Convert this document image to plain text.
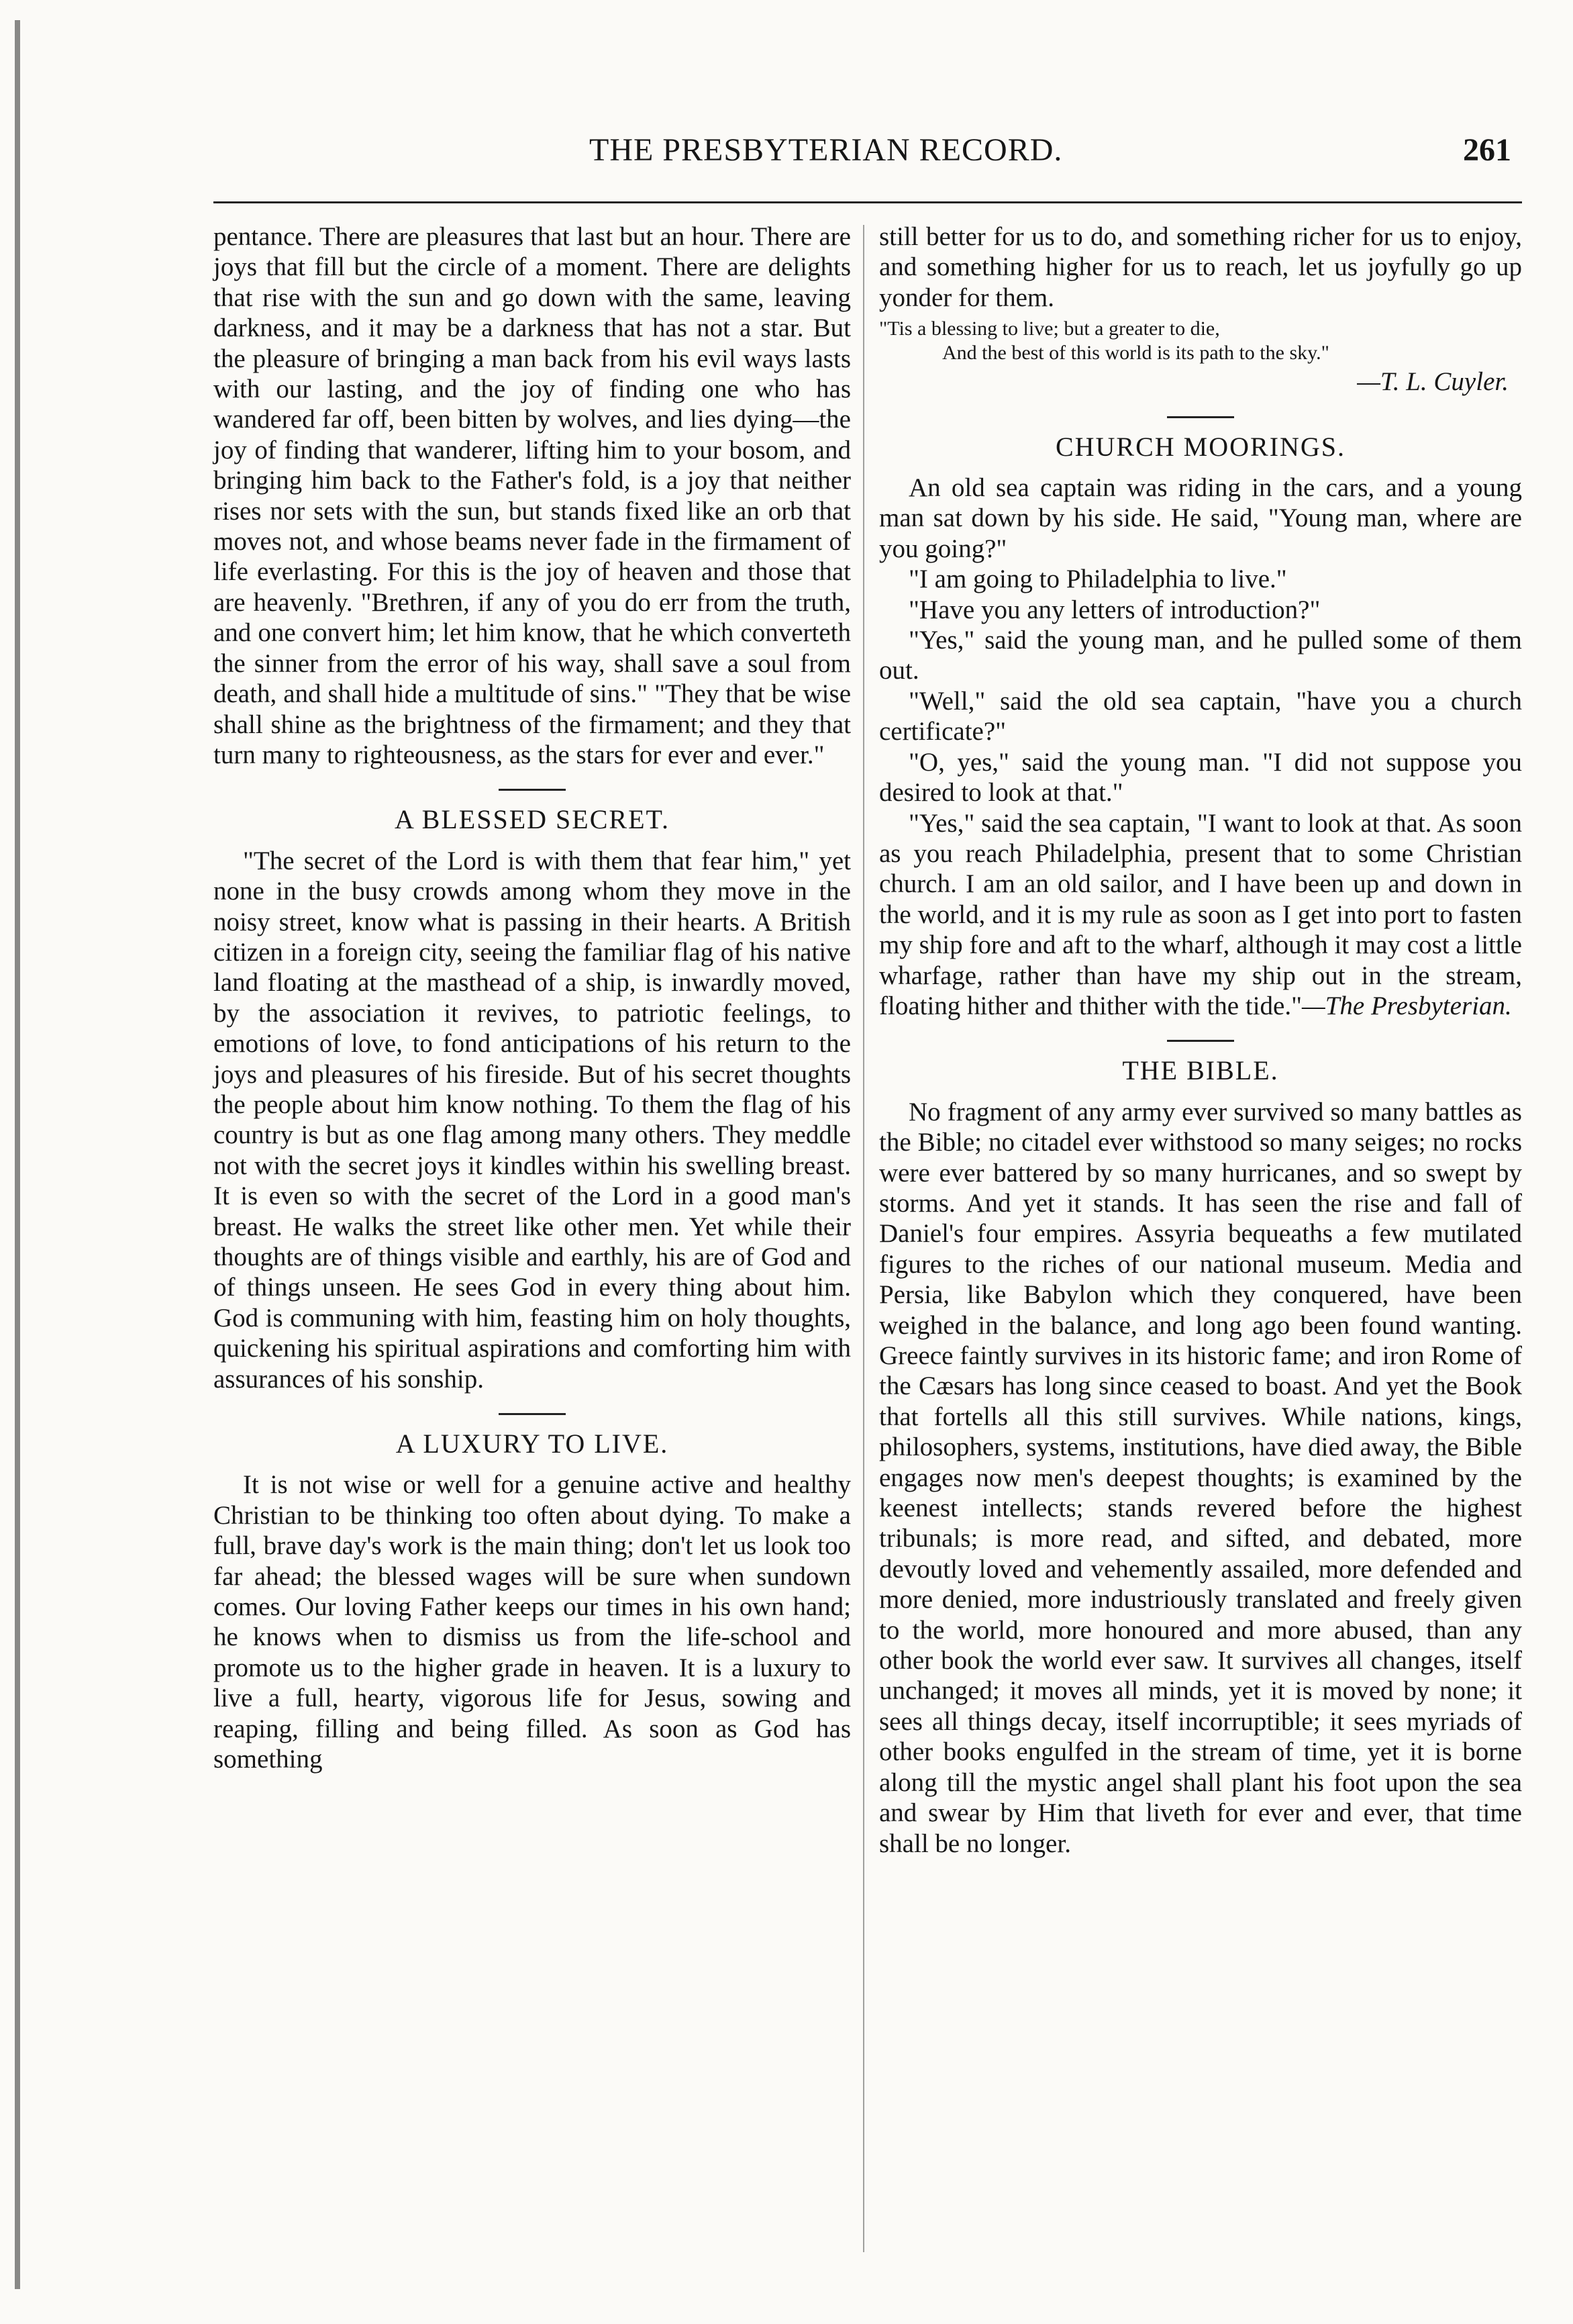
THE PRESBYTERIAN RECORD.	261

pentance. There are pleasures that last but an hour. There are joys that fill but the circle of a moment. There are delights that rise with the sun and go down with the same, leaving darkness, and it may be a darkness that has not a star. But the pleasure of bringing a man back from his evil ways lasts with our lasting, and the joy of finding one who has wandered far off, been bitten by wolves, and lies dying—the joy of finding that wanderer, lifting him to your bosom, and bringing him back to the Father's fold, is a joy that neither rises nor sets with the sun, but stands fixed like an orb that moves not, and whose beams never fade in the firmament of life everlasting. For this is the joy of heaven and those that are heavenly. "Brethren, if any of you do err from the truth, and one convert him; let him know, that he which converteth the sinner from the error of his way, shall save a soul from death, and shall hide a multitude of sins." "They that be wise shall shine as the brightness of the firmament; and they that turn many to righteousness, as the stars for ever and ever."

A BLESSED SECRET.

"The secret of the Lord is with them that fear him," yet none in the busy crowds among whom they move in the noisy street, know what is passing in their hearts. A British citizen in a foreign city, seeing the familiar flag of his native land floating at the masthead of a ship, is inwardly moved, by the association it revives, to patriotic feelings, to emotions of love, to fond anticipations of his return to the joys and pleasures of his fireside. But of his secret thoughts the people about him know nothing. To them the flag of his country is but as one flag among many others. They meddle not with the secret joys it kindles within his swelling breast. It is even so with the secret of the Lord in a good man's breast. He walks the street like other men. Yet while their thoughts are of things visible and earthly, his are of God and of things unseen. He sees God in every thing about him. God is communing with him, feasting him on holy thoughts, quickening his spiritual aspirations and comforting him with assurances of his sonship.

A LUXURY TO LIVE.

It is not wise or well for a genuine active and healthy Christian to be thinking too often about dying. To make a full, brave day's work is the main thing; don't let us look too far ahead; the blessed wages will be sure when sundown comes. Our loving Father keeps our times in his own hand; he knows when to dismiss us from the life-school and promote us to the higher grade in heaven. It is a luxury to live a full, hearty, vigorous life for Jesus, sowing and reaping, filling and being filled. As soon as God has something

still better for us to do, and something richer for us to enjoy, and something higher for us to reach, let us joyfully go up yonder for them.

"Tis a blessing to live; but a greater to die,
And the best of this world is its path to the sky."
—T. L. Cuyler.
CHURCH MOORINGS.

An old sea captain was riding in the cars, and a young man sat down by his side. He said, "Young man, where are you going?"

"I am going to Philadelphia to live."

"Have you any letters of introduction?"

"Yes," said the young man, and he pulled some of them out.

"Well," said the old sea captain, "have you a church certificate?"

"O, yes," said the young man. "I did not suppose you desired to look at that."

"Yes," said the sea captain, "I want to look at that. As soon as you reach Philadelphia, present that to some Christian church. I am an old sailor, and I have been up and down in the world, and it is my rule as soon as I get into port to fasten my ship fore and aft to the wharf, although it may cost a little wharfage, rather than have my ship out in the stream, floating hither and thither with the tide."—The Presbyterian.

THE BIBLE.

No fragment of any army ever survived so many battles as the Bible; no citadel ever withstood so many seiges; no rocks were ever battered by so many hurricanes, and so swept by storms. And yet it stands. It has seen the rise and fall of Daniel's four empires. Assyria bequeaths a few mutilated figures to the riches of our national museum. Media and Persia, like Babylon which they conquered, have been weighed in the balance, and long ago been found wanting. Greece faintly survives in its historic fame; and iron Rome of the Cæsars has long since ceased to boast. And yet the Book that fortells all this still survives. While nations, kings, philosophers, systems, institutions, have died away, the Bible engages now men's deepest thoughts; is examined by the keenest intellects; stands revered before the highest tribunals; is more read, and sifted, and debated, more devoutly loved and vehemently assailed, more defended and more denied, more industriously translated and freely given to the world, more honoured and more abused, than any other book the world ever saw. It survives all changes, itself unchanged; it moves all minds, yet it is moved by none; it sees all things decay, itself incorruptible; it sees myriads of other books engulfed in the stream of time, yet it is borne along till the mystic angel shall plant his foot upon the sea and swear by Him that liveth for ever and ever, that time shall be no longer.
